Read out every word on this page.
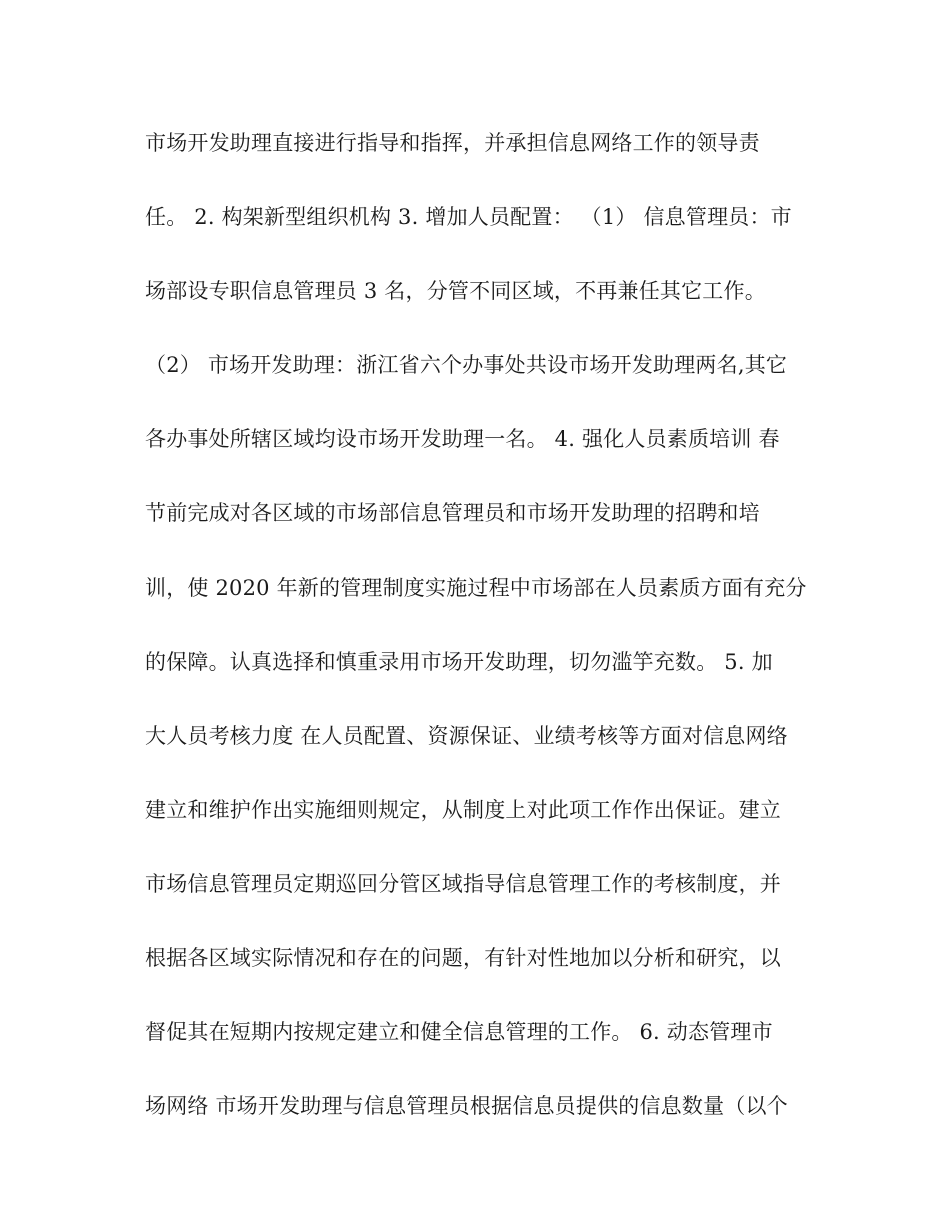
市场开发助理直接进行指导和指挥，并承担信息网络工作的领导责
任。 2. 构架新型组织机构 3. 增加人员配置： （1） 信息管理员：市
场部设专职信息管理员 3 名，分管不同区域，不再兼任其它工作。
（2） 市场开发助理：浙江省六个办事处共设市场开发助理两名,其它
各办事处所辖区域均设市场开发助理一名。 4. 强化人员素质培训 春
节前完成对各区域的市场部信息管理员和市场开发助理的招聘和培
训，使 2020 年新的管理制度实施过程中市场部在人员素质方面有充分
的保障。认真选择和慎重录用市场开发助理，切勿滥竽充数。 5. 加
大人员考核力度 在人员配置、资源保证、业绩考核等方面对信息网络
建立和维护作出实施细则规定，从制度上对此项工作作出保证。建立
市场信息管理员定期巡回分管区域指导信息管理工作的考核制度，并
根据各区域实际情况和存在的问题，有针对性地加以分析和研究，以
督促其在短期内按规定建立和健全信息管理的工作。 6. 动态管理市
场网络 市场开发助理与信息管理员根据信息员提供的信息数量（以个
